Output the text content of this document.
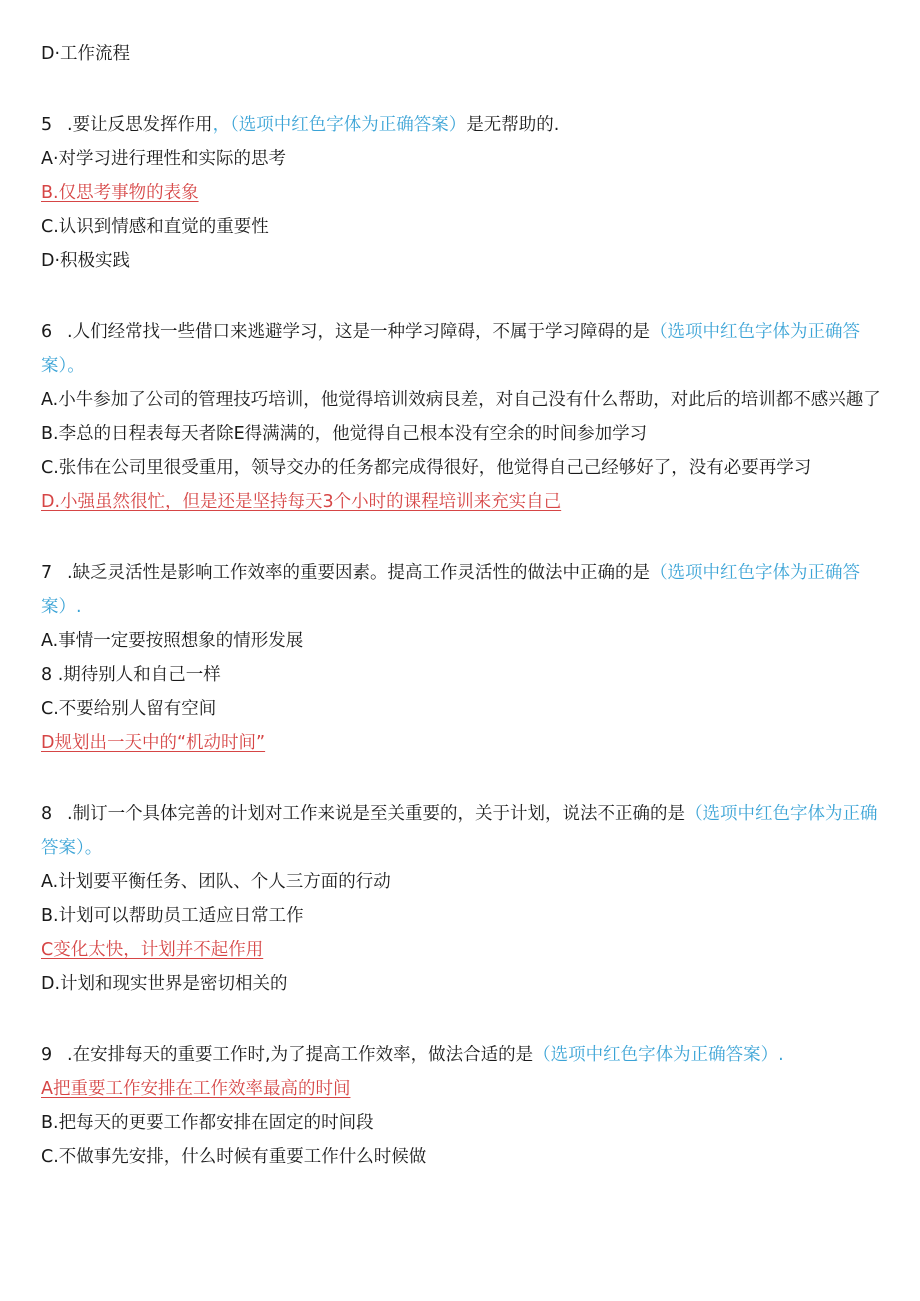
D·工作流程
5 .要让反思发挥作用，（选项中红色字体为正确答案）是无帮助的.
A·对学习进行理性和实际的思考
B.仅思考事物的表象
C.认识到情感和直觉的重要性
D·积极实践
6 .人们经常找一些借口来逃避学习，这是一种学习障碍，不属于学习障碍的是（选项中红色字体为正确答案）。
A.小牛参加了公司的管理技巧培训，他觉得培训效病艮差，对自己没有什么帮助，对此后的培训都不感兴趣了
B.李总的日程表每天者除E得满满的，他觉得自己根本没有空余的时间参加学习
C.张伟在公司里很受重用，领导交办的任务都完成得很好，他觉得自己己经够好了，没有必要再学习
D.小强虽然很忙，但是还是坚持每天3个小时的课程培训来充实自己
7 .缺乏灵活性是影响工作效率的重要因素。提高工作灵活性的做法中正确的是（选项中红色字体为正确答案）.
A.事情一定要按照想象的情形发展
8 .期待别人和自己一样
C.不要给别人留有空间
D规划出一天中的“机动时间”
8 .制订一个具体完善的计划对工作来说是至关重要的，关于计划，说法不正确的是（选项中红色字体为正确答案）。
A.计划要平衡任务、团队、个人三方面的行动
B.计划可以帮助员工适应日常工作
C变化太快，计划并不起作用
D.计划和现实世界是密切相关的
9 .在安排每天的重要工作时,为了提高工作效率，做法合适的是（选项中红色字体为正确答案）.
A把重要工作安排在工作效率最高的时间
B.把每天的更要工作都安排在固定的时间段
C.不做事先安排，什么时候有重要工作什么时候做
